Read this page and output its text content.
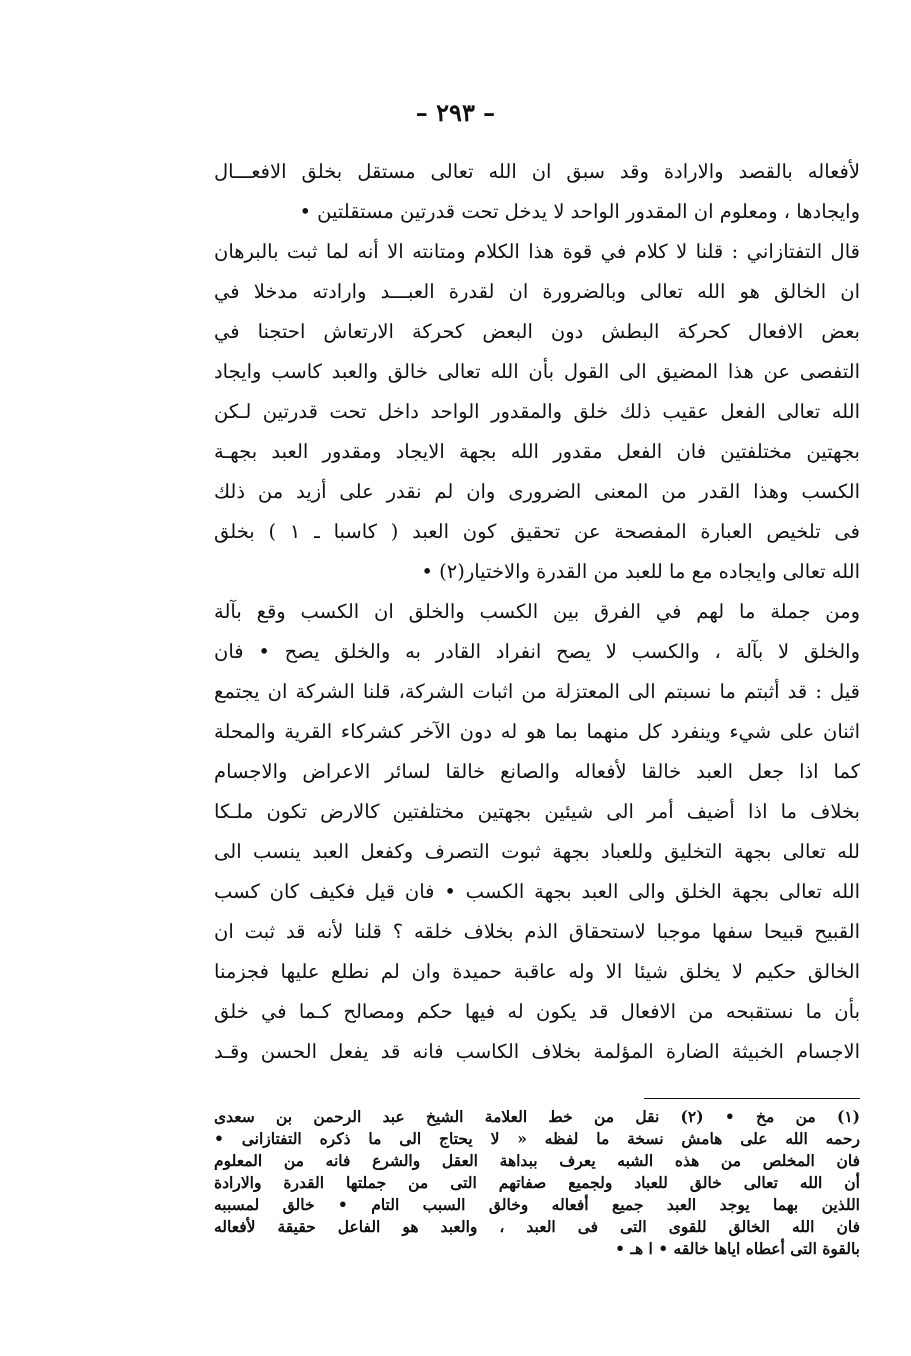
– ٢٩٣ –
لأفعاله بالقصد والارادة وقد سبق ان الله تعالى مستقل بخلق الافعـــال
وايجادها ، ومعلوم ان المقدور الواحد لا يدخل تحت قدرتين مستقلتين •
قال التفتازاني : قلنا لا كلام في قوة هذا الكلام ومتانته الا أنه لما ثبت بالبرهان
ان الخالق هو الله تعالى وبالضرورة ان لقدرة العبـــد وارادته مدخلا في
بعض الافعال كحركة البطش دون البعض كحركة الارتعاش احتجنا في
التفصى عن هذا المضيق الى القول بأن الله تعالى خالق والعبد كاسب وايجاد
الله تعالى الفعل عقيب ذلك خلق والمقدور الواحد داخل تحت قدرتين لـكن
بجهتين مختلفتين فان الفعل مقدور الله بجهة الايجاد ومقدور العبد بجهـة
الكسب وهذا القدر من المعنى الضرورى وان لم نقدر على أزيد من ذلك
فى تلخيص العبارة المفصحة عن تحقيق كون العبد ( كاسبا ـ ١ ) بخلق
الله تعالى وايجاده مع ما للعبد من القدرة والاختيار(٢) •
ومن جملة ما لهم في الفرق بين الكسب والخلق ان الكسب وقع بآلة
والخلق لا بآلة ، والكسب لا يصح انفراد القادر به والخلق يصح • فان
قيل : قد أثبتم ما نسبتم الى المعتزلة من اثبات الشركة، قلنا الشركة ان يجتمع
اثنان على شيء وينفرد كل منهما بما هو له دون الآخر كشركاء القرية والمحلة
كما اذا جعل العبد خالقا لأفعاله والصانع خالقا لسائر الاعراض والاجسام
بخلاف ما اذا أضيف أمر الى شيئين بجهتين مختلفتين كالارض تكون ملـكا
لله تعالى بجهة التخليق وللعباد بجهة ثبوت التصرف وكفعل العبد ينسب الى
الله تعالى بجهة الخلق والى العبد بجهة الكسب • فان قيل فكيف كان كسب
القبيح قبيحا سفها موجبا لاستحقاق الذم بخلاف خلقه ؟ قلنا لأنه قد ثبت ان
الخالق حكيم لا يخلق شيئا الا وله عاقبة حميدة وان لم نطلع عليها فجزمنا
بأن ما نستقبحه من الافعال قد يكون له فيها حكم ومصالح كـما في خلق
الاجسام الخبيثة الضارة المؤلمة بخلاف الكاسب فانه قد يفعل الحسن وقـد
(١) من مخ • (٢) نقل من خط العلامة الشيخ عبد الرحمن بن سعدى
رحمه الله على هامش نسخة ما لفظه « لا يحتاج الى ما ذكره التفتازانى •
فان المخلص من هذه الشبه يعرف ببداهة العقل والشرع فانه من المعلوم
أن الله تعالى خالق للعباد ولجميع صفاتهم التى من جملتها القدرة والارادة
اللذين بهما يوجد العبد جميع أفعاله وخالق السبب التام • خالق لمسببه
فان الله الخالق للقوى التى فى العبد ، والعبد هو الفاعل حقيقة لأفعاله
بالقوة التى أعطاه اياها خالقه • ا هـ •
